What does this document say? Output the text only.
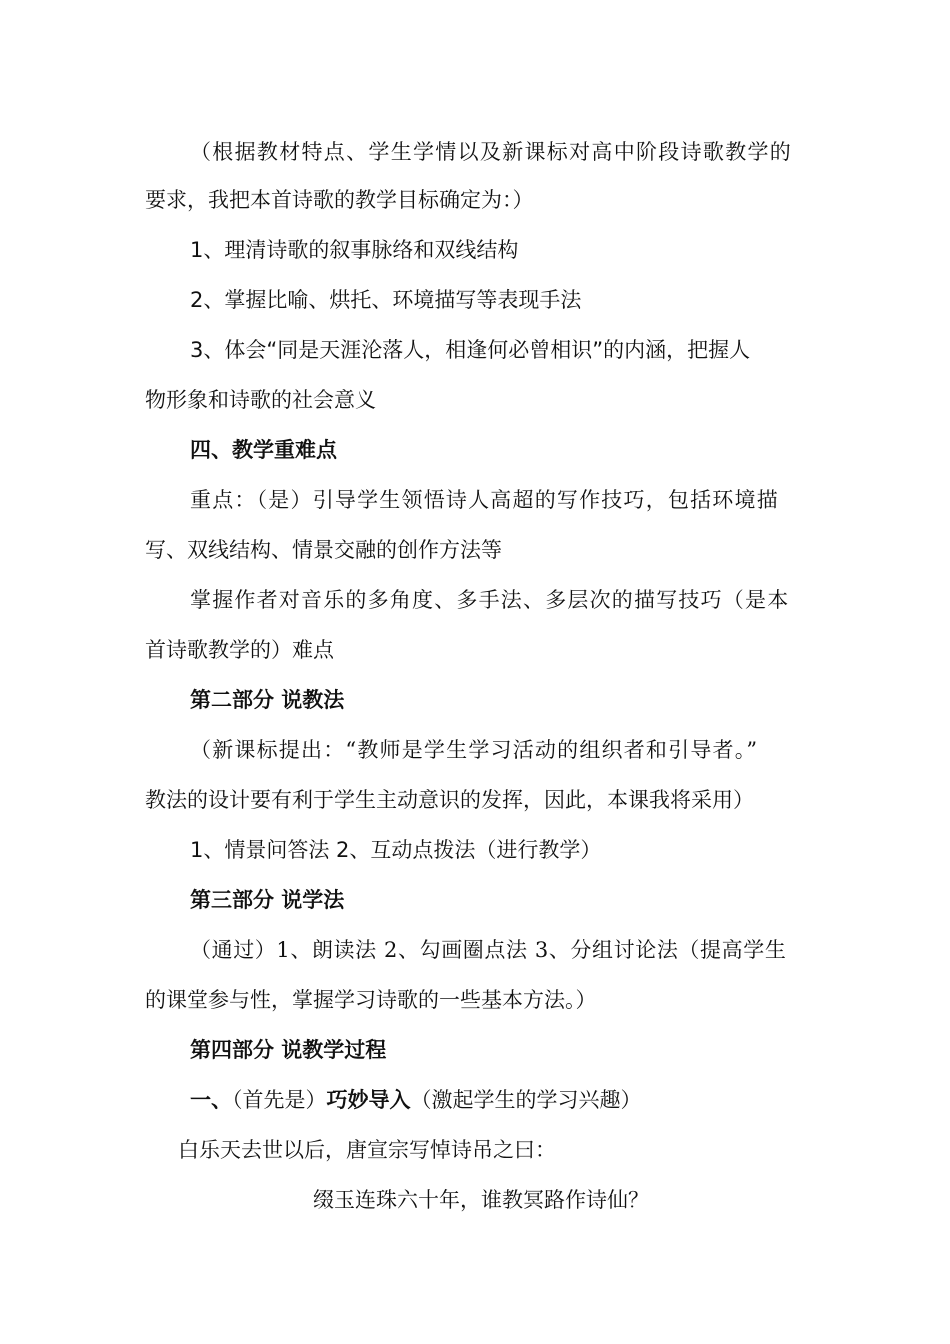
（根据教材特点、学生学情以及新课标对高中阶段诗歌教学的
要求，我把本首诗歌的教学目标确定为：）
1、理清诗歌的叙事脉络和双线结构
2、掌握比喻、烘托、环境描写等表现手法
3、体会“同是天涯沦落人，相逢何必曾相识”的内涵，把握人
物形象和诗歌的社会意义
四、教学重难点
重点：（是）引导学生领悟诗人高超的写作技巧，包括环境描
写、双线结构、情景交融的创作方法等
掌握作者对音乐的多角度、多手法、多层次的描写技巧（是本
首诗歌教学的）难点
第二部分 说教法
（新课标提出：“教师是学生学习活动的组织者和引导者。”
教法的设计要有利于学生主动意识的发挥，因此，本课我将采用）
1、情景问答法 2、互动点拨法（进行教学）
第三部分 说学法
（通过）1、朗读法 2、勾画圈点法 3、分组讨论法（提高学生
的课堂参与性，掌握学习诗歌的一些基本方法。）
第四部分 说教学过程
一、（首先是）巧妙导入（激起学生的学习兴趣）
白乐天去世以后，唐宣宗写悼诗吊之曰：
缀玉连珠六十年，谁教冥路作诗仙？
